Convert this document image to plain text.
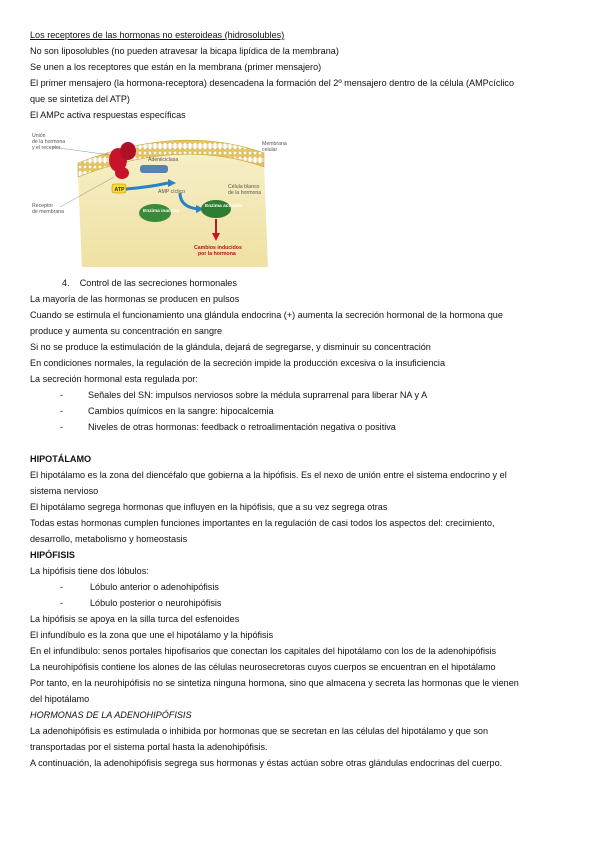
Los receptores de las hormonas no esteroideas (hidrosolubles)

No son liposolubles (no pueden atravesar la bicapa lipídica de la membrana)

Se unen a los receptores que están en la membrana (primer mensajero)

El primer mensajero (la hormona-receptora) desencadena la formación del 2º mensajero dentro de la célula (AMPcíclico

que se sintetiza del ATP)

El AMPc activa respuestas específicas

ATP
Enzima inactiva
Enzima activada
Unión
de la hormona
y el receptor
Membrana
celular
Adenilciclasa
Receptor
de membrana
AMP cíclico
Célula blanco
de la hormona
Cambios inducidos
por la hormona

4. Control de las secreciones hormonales

La mayoría de las hormonas se producen en pulsos

Cuando se estimula el funcionamiento una glándula endocrina (+) aumenta la secreción hormonal de la hormona que

produce y aumenta su concentración en sangre

Si no se produce la estimulación de la glándula, dejará de segregarse, y disminuir su concentración

En condiciones normales, la regulación de la secreción impide la producción excesiva o la insuficiencia

La secreción hormonal esta regulada por:

- Señales del SN: impulsos nerviosos sobre la médula suprarrenal para liberar NA y A

- Cambios químicos en la sangre: hipocalcemia

- Niveles de otras hormonas: feedback o retroalimentación negativa o positiva

HIPOTÁLAMO

El hipotálamo es la zona del diencéfalo que gobierna a la hipófisis. Es el nexo de unión entre el sistema endocrino y el

sistema nervioso

El hipotálamo segrega hormonas que influyen en la hipófisis, que a su vez segrega otras

Todas estas hormonas cumplen funciones importantes en la regulación de casi todos los aspectos del: crecimiento,

desarrollo, metabolismo y homeostasis

HIPÓFISIS

La hipófisis tiene dos lóbulos:

- Lóbulo anterior o adenohipófisis

- Lóbulo posterior o neurohipófisis

La hipófisis se apoya en la silla turca del esfenoides

El infundíbulo es la zona que une el hipotálamo y la hipófisis

En el infundíbulo: senos portales hipofisarios que conectan los capitales del hipotálamo con los de la adenohipófisis

La neurohipófisis contiene los alones de las células neurosecretoras cuyos cuerpos se encuentran en el hipotálamo

Por tanto, en la neurohipófisis no se sintetiza ninguna hormona, sino que almacena y secreta las hormonas que le vienen

del hipotálamo

HORMONAS DE LA ADENOHIPÓFISIS

La adenohipófisis es estimulada o inhibida por hormonas que se secretan en las células del hipotálamo y que son

transportadas por el sistema portal hasta la adenohipófisis.

A continuación, la adenohipófisis segrega sus hormonas y éstas actúan sobre otras glándulas endocrinas del cuerpo.
